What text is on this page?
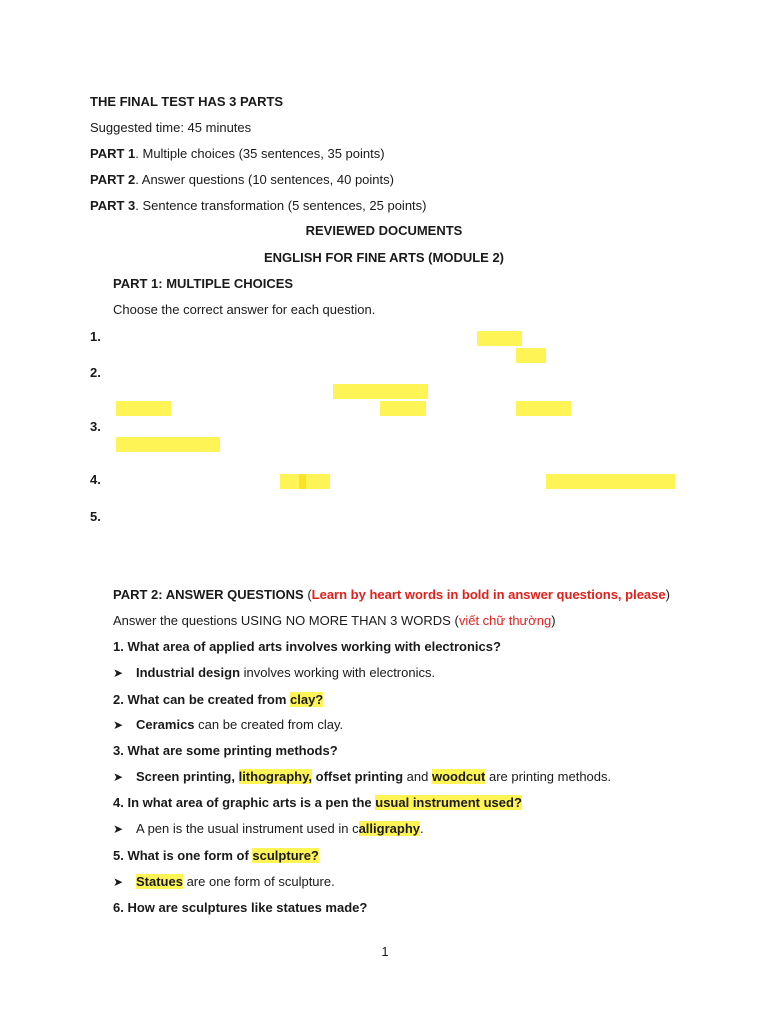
THE FINAL TEST HAS 3 PARTS
Suggested time: 45 minutes
PART 1. Multiple choices (35 sentences, 35 points)
PART 2. Answer questions (10 sentences, 40 points)
PART 3. Sentence transformation (5 sentences, 25 points)
REVIEWED DOCUMENTS
ENGLISH FOR FINE ARTS (MODULE 2)
PART 1: MULTIPLE CHOICES
Choose the correct answer for each question.
1.
2.
3.
4.
5.
PART 2: ANSWER QUESTIONS (Learn by heart words in bold in answer questions, please)
Answer the questions USING NO MORE THAN 3 WORDS (viết chữ thường)
1. What area of applied arts involves working with electronics?
➤ Industrial design involves working with electronics.
2. What can be created from clay?
➤ Ceramics can be created from clay.
3. What are some printing methods?
➤ Screen printing, lithography, offset printing and woodcut are printing methods.
4. In what area of graphic arts is a pen the usual instrument used?
➤ A pen is the usual instrument used in calligraphy.
5. What is one form of sculpture?
➤ Statues are one form of sculpture.
6. How are sculptures like statues made?
1
